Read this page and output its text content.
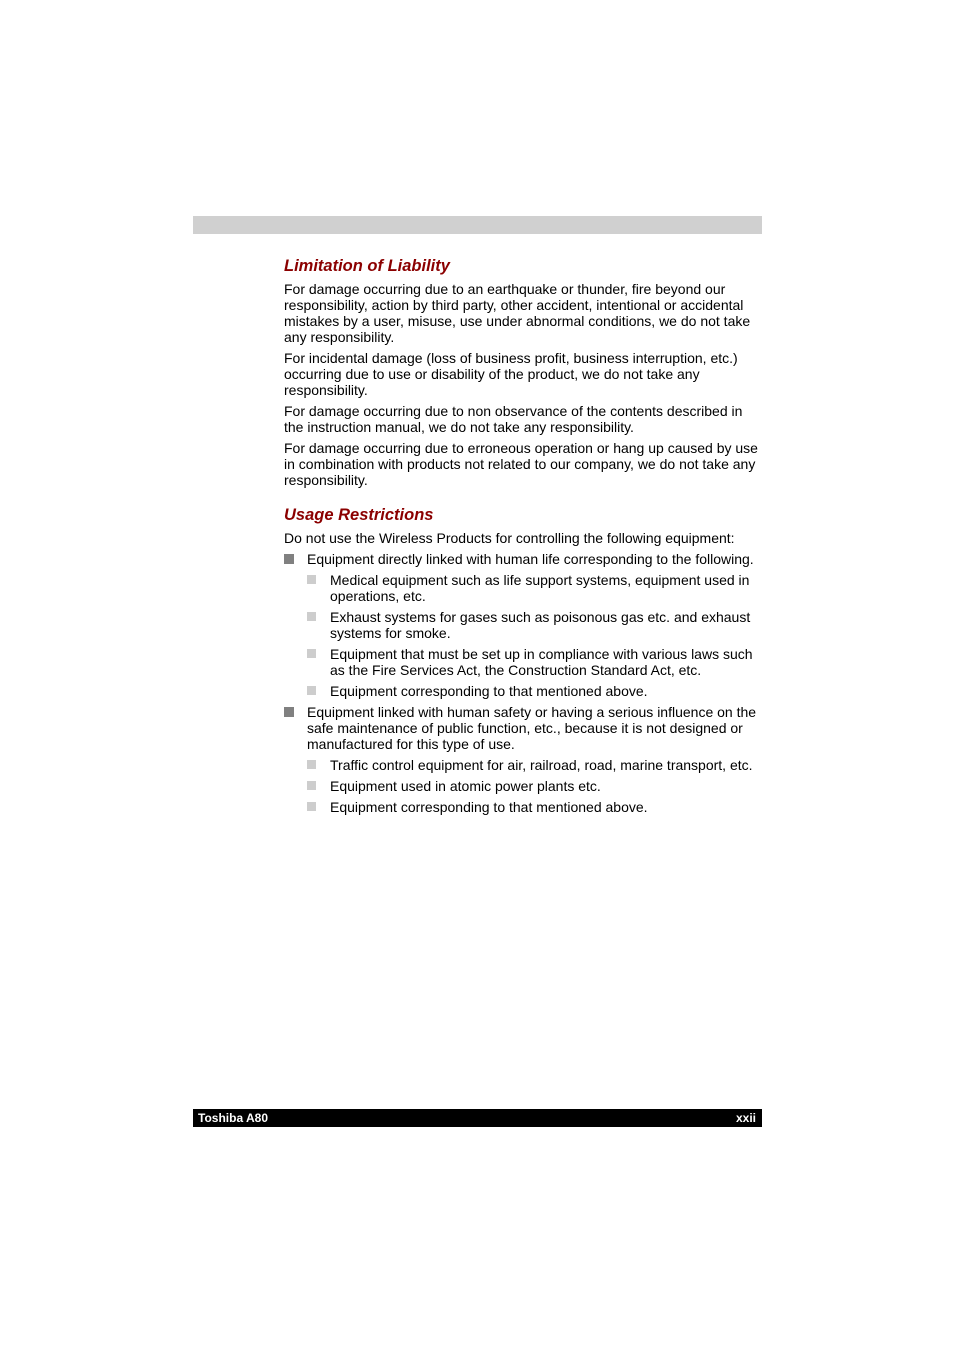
Limitation of Liability

For damage occurring due to an earthquake or thunder, fire beyond our responsibility, action by third party, other accident, intentional or accidental mistakes by a user, misuse, use under abnormal conditions, we do not take any responsibility.

For incidental damage (loss of business profit, business interruption, etc.) occurring due to use or disability of the product, we do not take any responsibility.

For damage occurring due to non observance of the contents described in the instruction manual, we do not take any responsibility.

For damage occurring due to erroneous operation or hang up caused by use in combination with products not related to our company, we do not take any responsibility.

Usage Restrictions

Do not use the Wireless Products for controlling the following equipment:

Equipment directly linked with human life corresponding to the following.
Medical equipment such as life support systems, equipment used in operations, etc.
Exhaust systems for gases such as poisonous gas etc. and exhaust systems for smoke.
Equipment that must be set up in compliance with various laws such as the Fire Services Act, the Construction Standard Act, etc.
Equipment corresponding to that mentioned above.
Equipment linked with human safety or having a serious influence on the safe maintenance of public function, etc., because it is not designed or manufactured for this type of use.
Traffic control equipment for air, railroad, road, marine transport, etc.
Equipment used in atomic power plants etc.
Equipment corresponding to that mentioned above.
Toshiba A80	xxii
